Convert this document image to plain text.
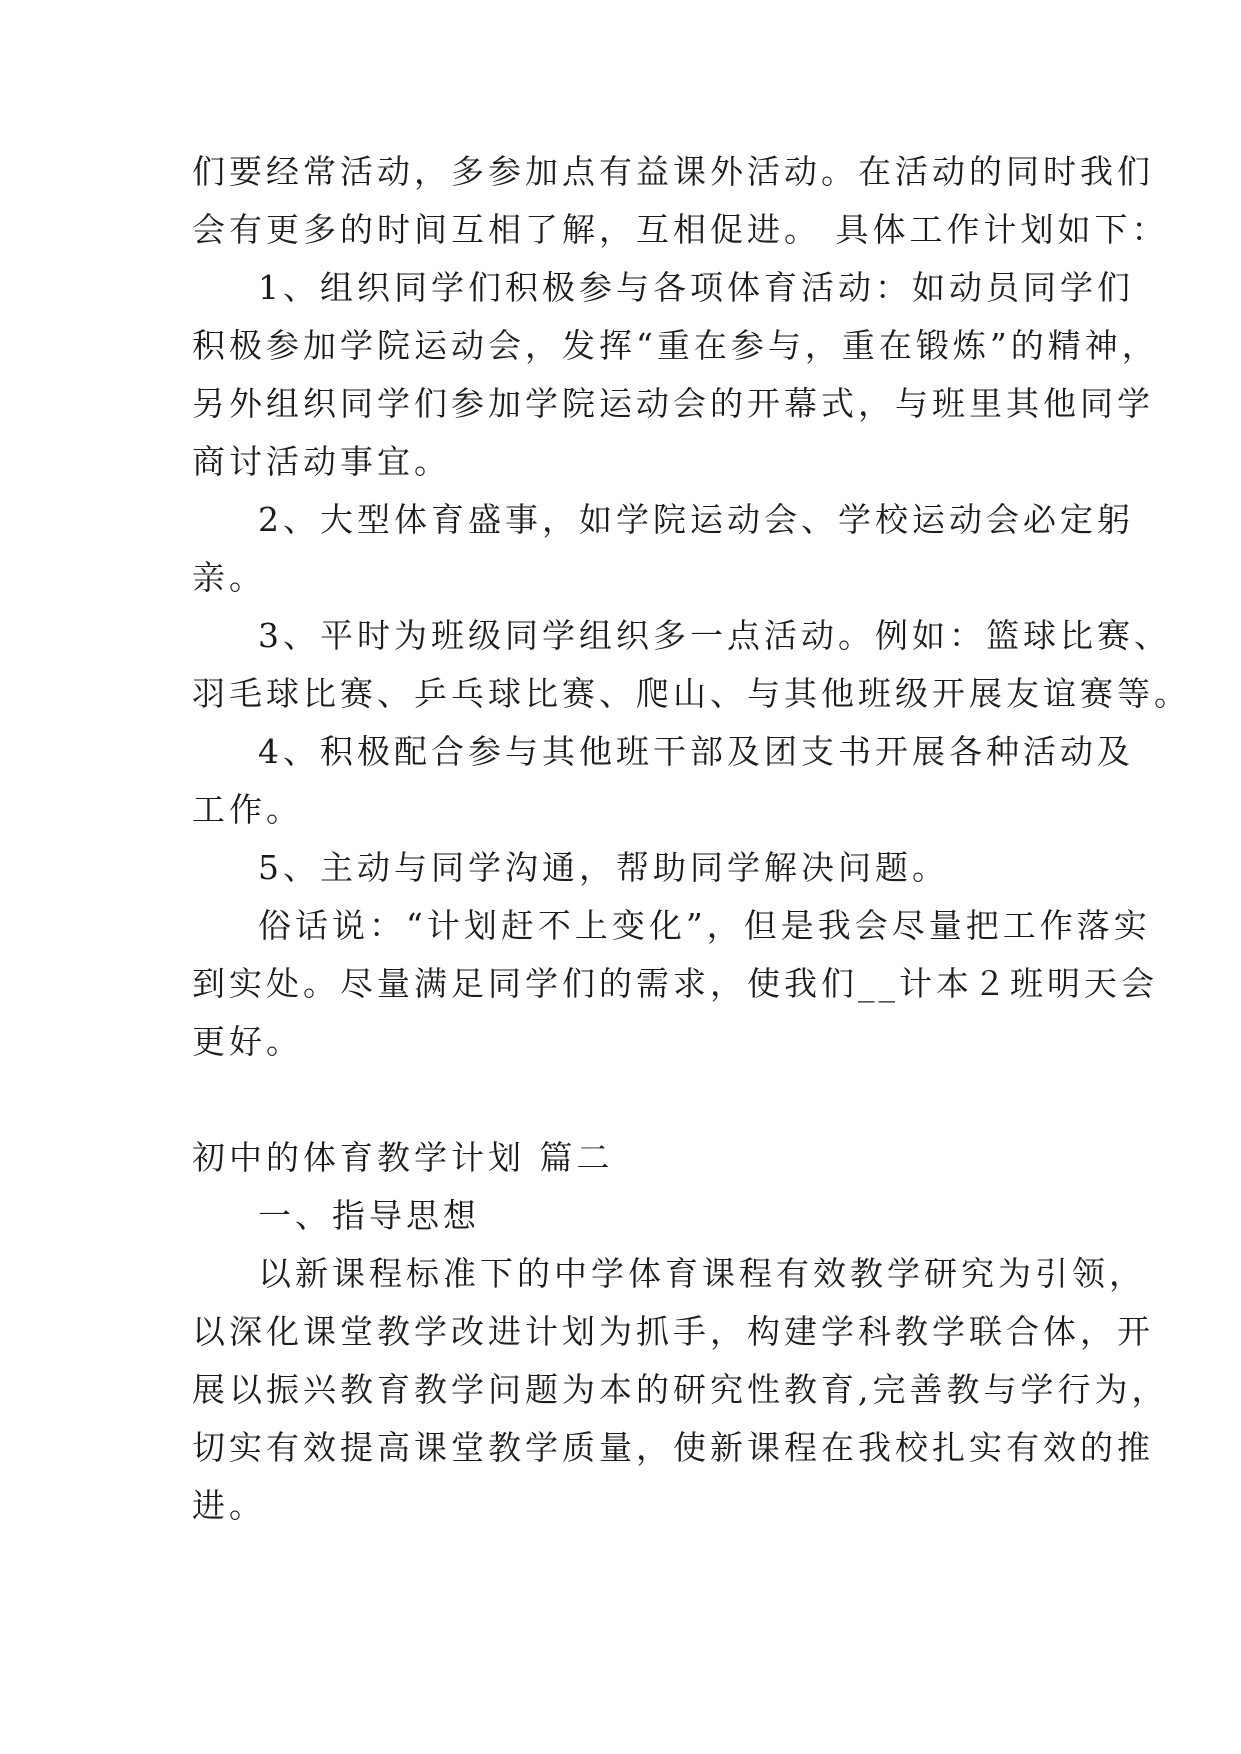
们要经常活动，多参加点有益课外活动。在活动的同时我们
会有更多的时间互相了解，互相促进。 具体工作计划如下：
1、组织同学们积极参与各项体育活动：如动员同学们
积极参加学院运动会，发挥“重在参与，重在锻炼”的精神，
另外组织同学们参加学院运动会的开幕式，与班里其他同学
商讨活动事宜。
2、大型体育盛事，如学院运动会、学校运动会必定躬
亲。
3、平时为班级同学组织多一点活动。例如：篮球比赛、
羽毛球比赛、乒乓球比赛、爬山、与其他班级开展友谊赛等。
4、积极配合参与其他班干部及团支书开展各种活动及
工作。
5、主动与同学沟通，帮助同学解决问题。
俗话说：“计划赶不上变化”，但是我会尽量把工作落实
到实处。尽量满足同学们的需求，使我们__计本２班明天会
更好。
初中的体育教学计划 篇二
一、指导思想
以新课程标准下的中学体育课程有效教学研究为引领，
以深化课堂教学改进计划为抓手，构建学科教学联合体，开
展以振兴教育教学问题为本的研究性教育,完善教与学行为，
切实有效提高课堂教学质量，使新课程在我校扎实有效的推
进。
